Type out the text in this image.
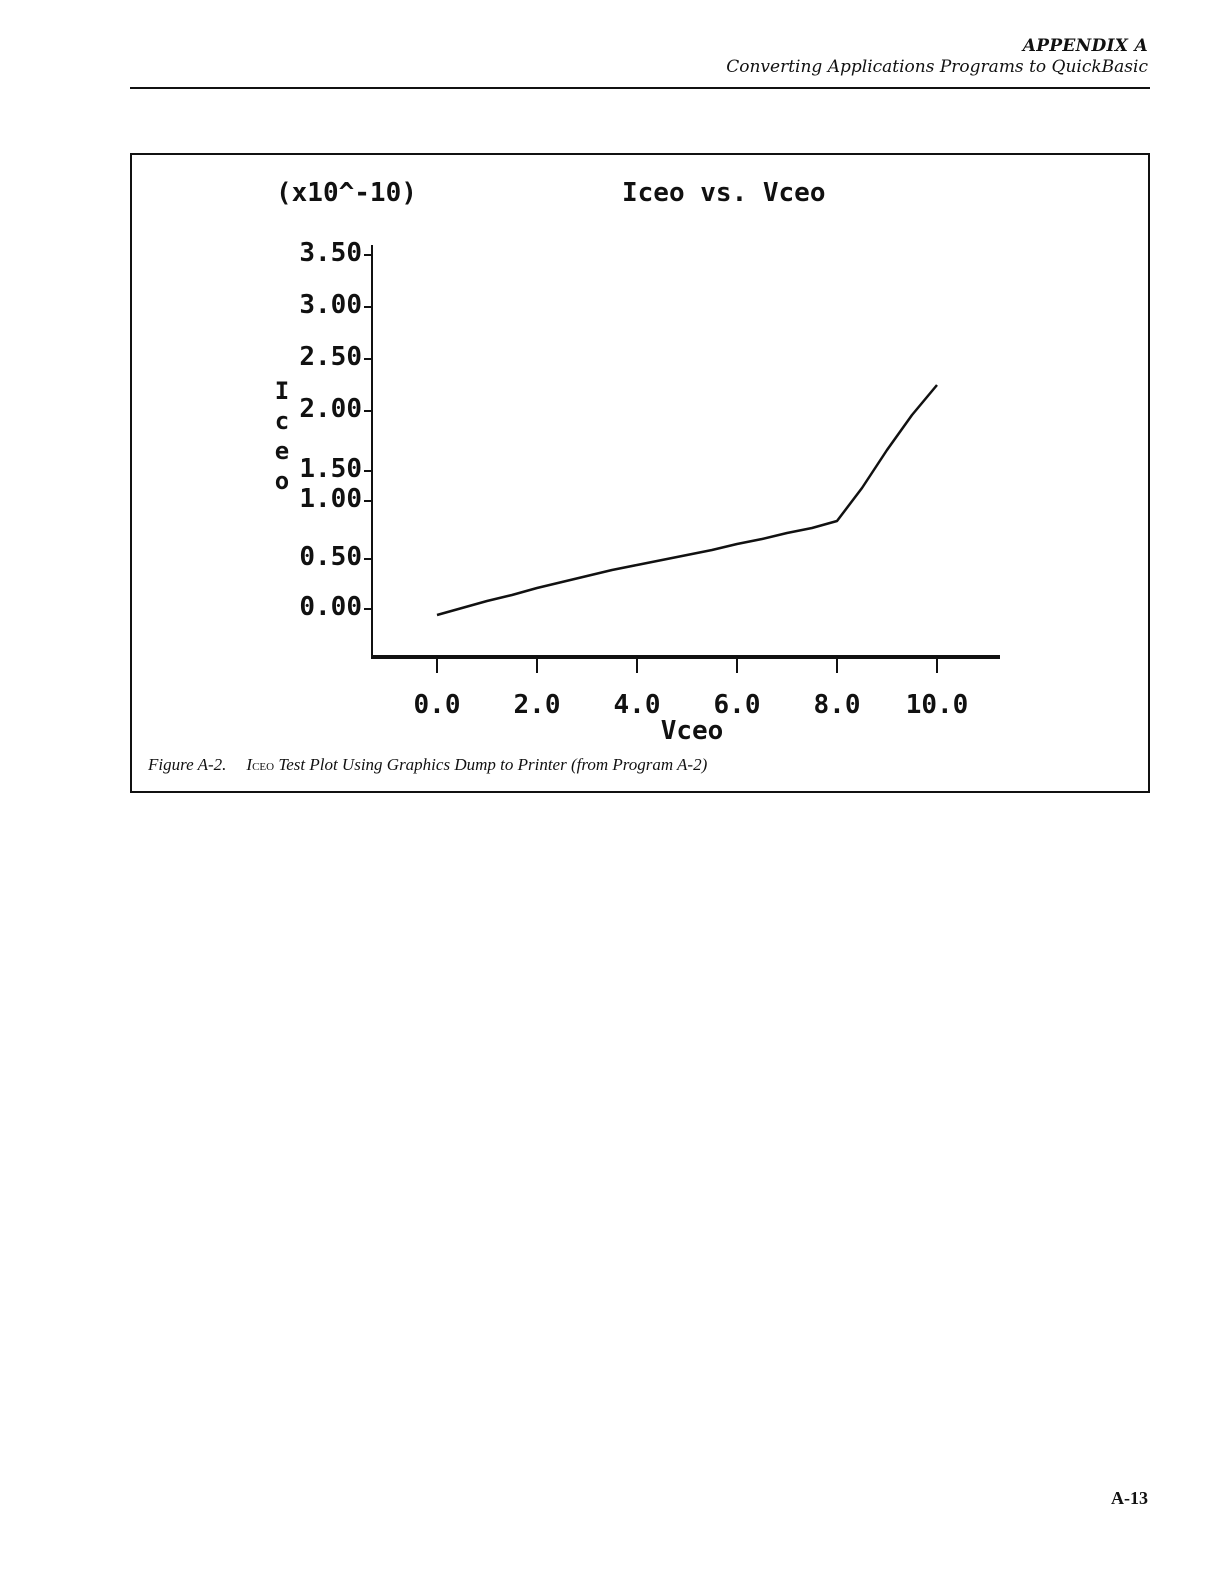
APPENDIX A
Converting Applications Programs to QuickBasic
(x10^-10)	Iceo vs. Vceo
I
c
e
o
3.50
3.00
2.50
2.00
1.50
1.00
0.50
0.00
0.0 2.0 4.0 6.0 8.0 10.0
Vceo
Figure A-2. ICEO Test Plot Using Graphics Dump to Printer (from Program A-2)
A-13
